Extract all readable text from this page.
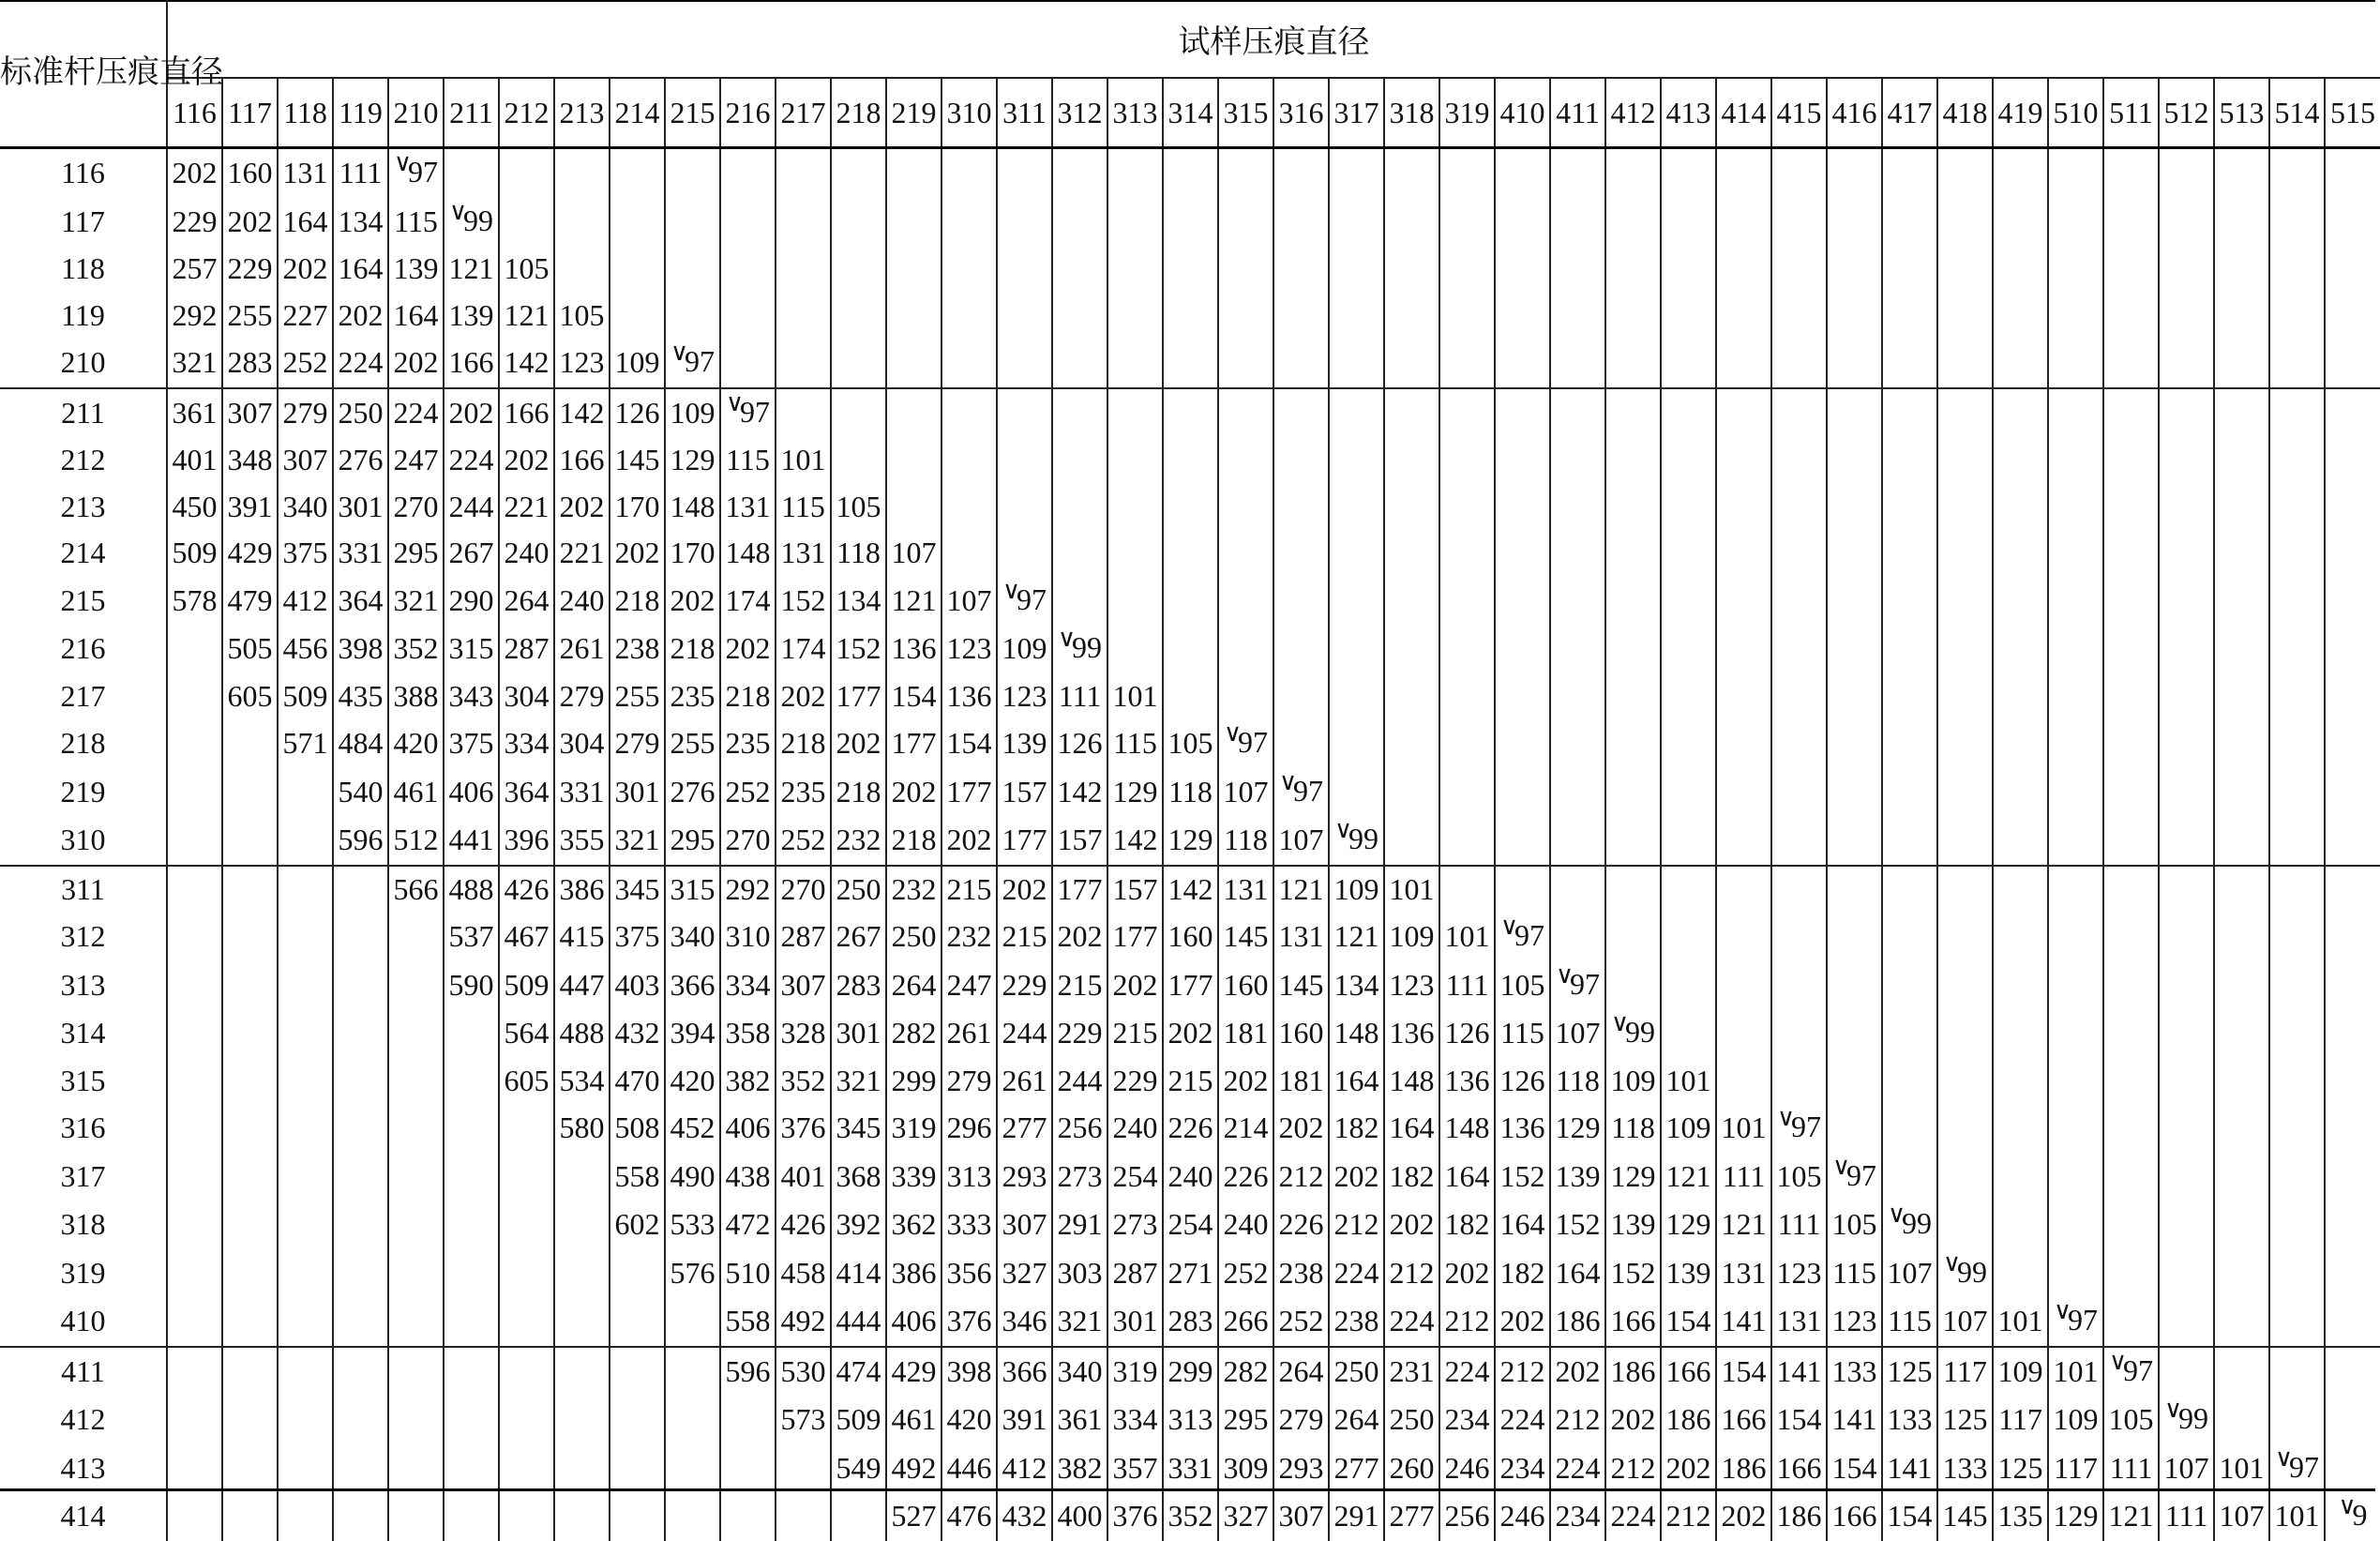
标准杆压痕直径	试样压痕直径																																							
	116	117	118	119	210	211	212	213	214	215	216	217	218	219	310	311	312	313	314	315	316	317	318	319	410	411	412	413	414	415	416	417	418	419	510	511	512	513	514	515
116	202	160	131	111	∨97																																			
117	229	202	164	134	115	∨99																																		
118	257	229	202	164	139	121	105																																	
119	292	255	227	202	164	139	121	105																																
210	321	283	252	224	202	166	142	123	109	∨97																														
211	361	307	279	250	224	202	166	142	126	109	∨97																													
212	401	348	307	276	247	224	202	166	145	129	115	101																												
213	450	391	340	301	270	244	221	202	170	148	131	115	105																											
214	509	429	375	331	295	267	240	221	202	170	148	131	118	107																										
215	578	479	412	364	321	290	264	240	218	202	174	152	134	121	107	∨97																								
216		505	456	398	352	315	287	261	238	218	202	174	152	136	123	109	∨99																							
217		605	509	435	388	343	304	279	255	235	218	202	177	154	136	123	111	101																						
218			571	484	420	375	334	304	279	255	235	218	202	177	154	139	126	115	105	∨97																				
219				540	461	406	364	331	301	276	252	235	218	202	177	157	142	129	118	107	∨97																			
310				596	512	441	396	355	321	295	270	252	232	218	202	177	157	142	129	118	107	∨99																		
311					566	488	426	386	345	315	292	270	250	232	215	202	177	157	142	131	121	109	101																	
312						537	467	415	375	340	310	287	267	250	232	215	202	177	160	145	131	121	109	101	∨97															
313						590	509	447	403	366	334	307	283	264	247	229	215	202	177	160	145	134	123	111	105	∨97														
314							564	488	432	394	358	328	301	282	261	244	229	215	202	181	160	148	136	126	115	107	∨99													
315							605	534	470	420	382	352	321	299	279	261	244	229	215	202	181	164	148	136	126	118	109	101												
316								580	508	452	406	376	345	319	296	277	256	240	226	214	202	182	164	148	136	129	118	109	101	∨97										
317									558	490	438	401	368	339	313	293	273	254	240	226	212	202	182	164	152	139	129	121	111	105	∨97									
318									602	533	472	426	392	362	333	307	291	273	254	240	226	212	202	182	164	152	139	129	121	111	105	∨99								
319										576	510	458	414	386	356	327	303	287	271	252	238	224	212	202	182	164	152	139	131	123	115	107	∨99							
410											558	492	444	406	376	346	321	301	283	266	252	238	224	212	202	186	166	154	141	131	123	115	107	101	∨97					
411											596	530	474	429	398	366	340	319	299	282	264	250	231	224	212	202	186	166	154	141	133	125	117	109	101	∨97				
412												573	509	461	420	391	361	334	313	295	279	264	250	234	224	212	202	186	166	154	141	133	125	117	109	105	∨99			
413													549	492	446	412	382	357	331	309	293	277	260	246	234	224	212	202	186	166	154	141	133	125	117	111	107	101	∨97	
414														527	476	432	400	376	352	327	307	291	277	256	246	234	224	212	202	186	166	154	145	135	129	121	111	107	101	∨9
